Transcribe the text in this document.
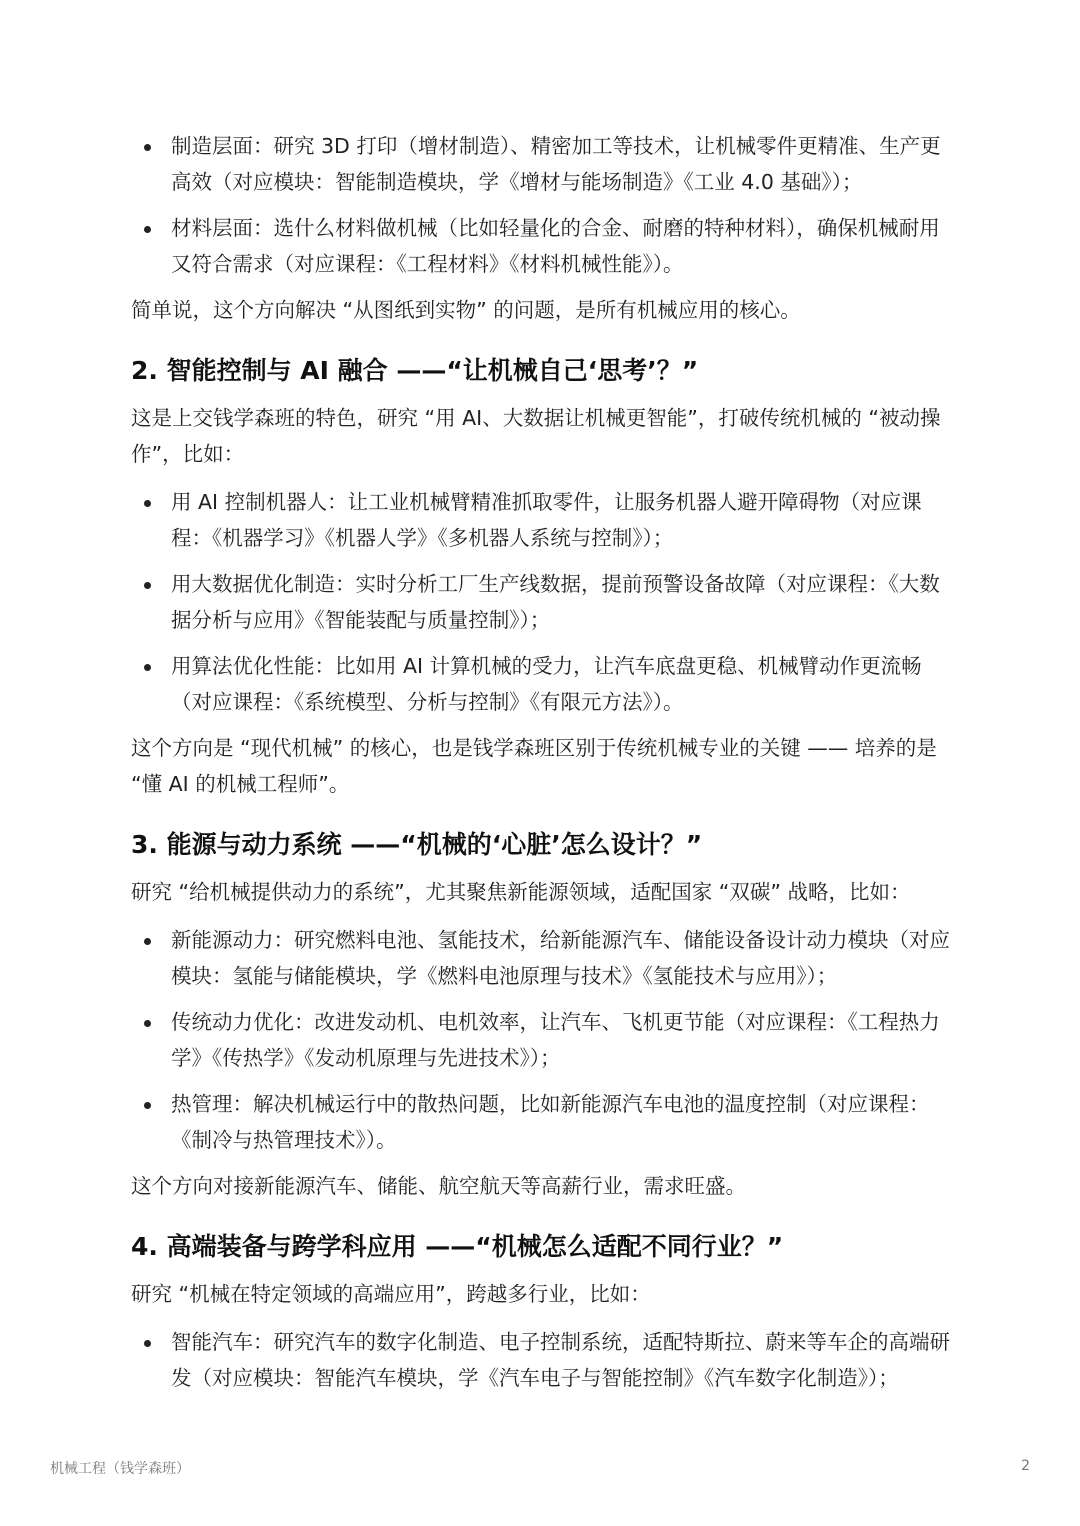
制造层面：研究 3D 打印（增材制造）、精密加工等技术，让机械零件更精准、生产更高效（对应模块：智能制造模块，学《增材与能场制造》《工业 4.0 基础》）；
材料层面：选什么材料做机械（比如轻量化的合金、耐磨的特种材料），确保机械耐用又符合需求（对应课程：《工程材料》《材料机械性能》）。

简单说，这个方向解决 “从图纸到实物” 的问题，是所有机械应用的核心。

2. 智能控制与 AI 融合 ——“让机械自己‘思考’？”

这是上交钱学森班的特色，研究 “用 AI、大数据让机械更智能”，打破传统机械的 “被动操作”，比如：

用 AI 控制机器人：让工业机械臂精准抓取零件，让服务机器人避开障碍物（对应课程：《机器学习》《机器人学》《多机器人系统与控制》）；
用大数据优化制造：实时分析工厂生产线数据，提前预警设备故障（对应课程：《大数据分析与应用》《智能装配与质量控制》）；
用算法优化性能：比如用 AI 计算机械的受力，让汽车底盘更稳、机械臂动作更流畅（对应课程：《系统模型、分析与控制》《有限元方法》）。

这个方向是 “现代机械” 的核心，也是钱学森班区别于传统机械专业的关键 —— 培养的是 “懂 AI 的机械工程师”。

3. 能源与动力系统 ——“机械的‘心脏’怎么设计？”

研究 “给机械提供动力的系统”，尤其聚焦新能源领域，适配国家 “双碳” 战略，比如：

新能源动力：研究燃料电池、氢能技术，给新能源汽车、储能设备设计动力模块（对应模块：氢能与储能模块，学《燃料电池原理与技术》《氢能技术与应用》）；
传统动力优化：改进发动机、电机效率，让汽车、飞机更节能（对应课程：《工程热力学》《传热学》《发动机原理与先进技术》）；
热管理：解决机械运行中的散热问题，比如新能源汽车电池的温度控制（对应课程：《制冷与热管理技术》）。

这个方向对接新能源汽车、储能、航空航天等高薪行业，需求旺盛。

4. 高端装备与跨学科应用 ——“机械怎么适配不同行业？”

研究 “机械在特定领域的高端应用”，跨越多行业，比如：

智能汽车：研究汽车的数字化制造、电子控制系统，适配特斯拉、蔚来等车企的高端研发（对应模块：智能汽车模块，学《汽车电子与智能控制》《汽车数字化制造》）；
机械工程（钱学森班）	2
